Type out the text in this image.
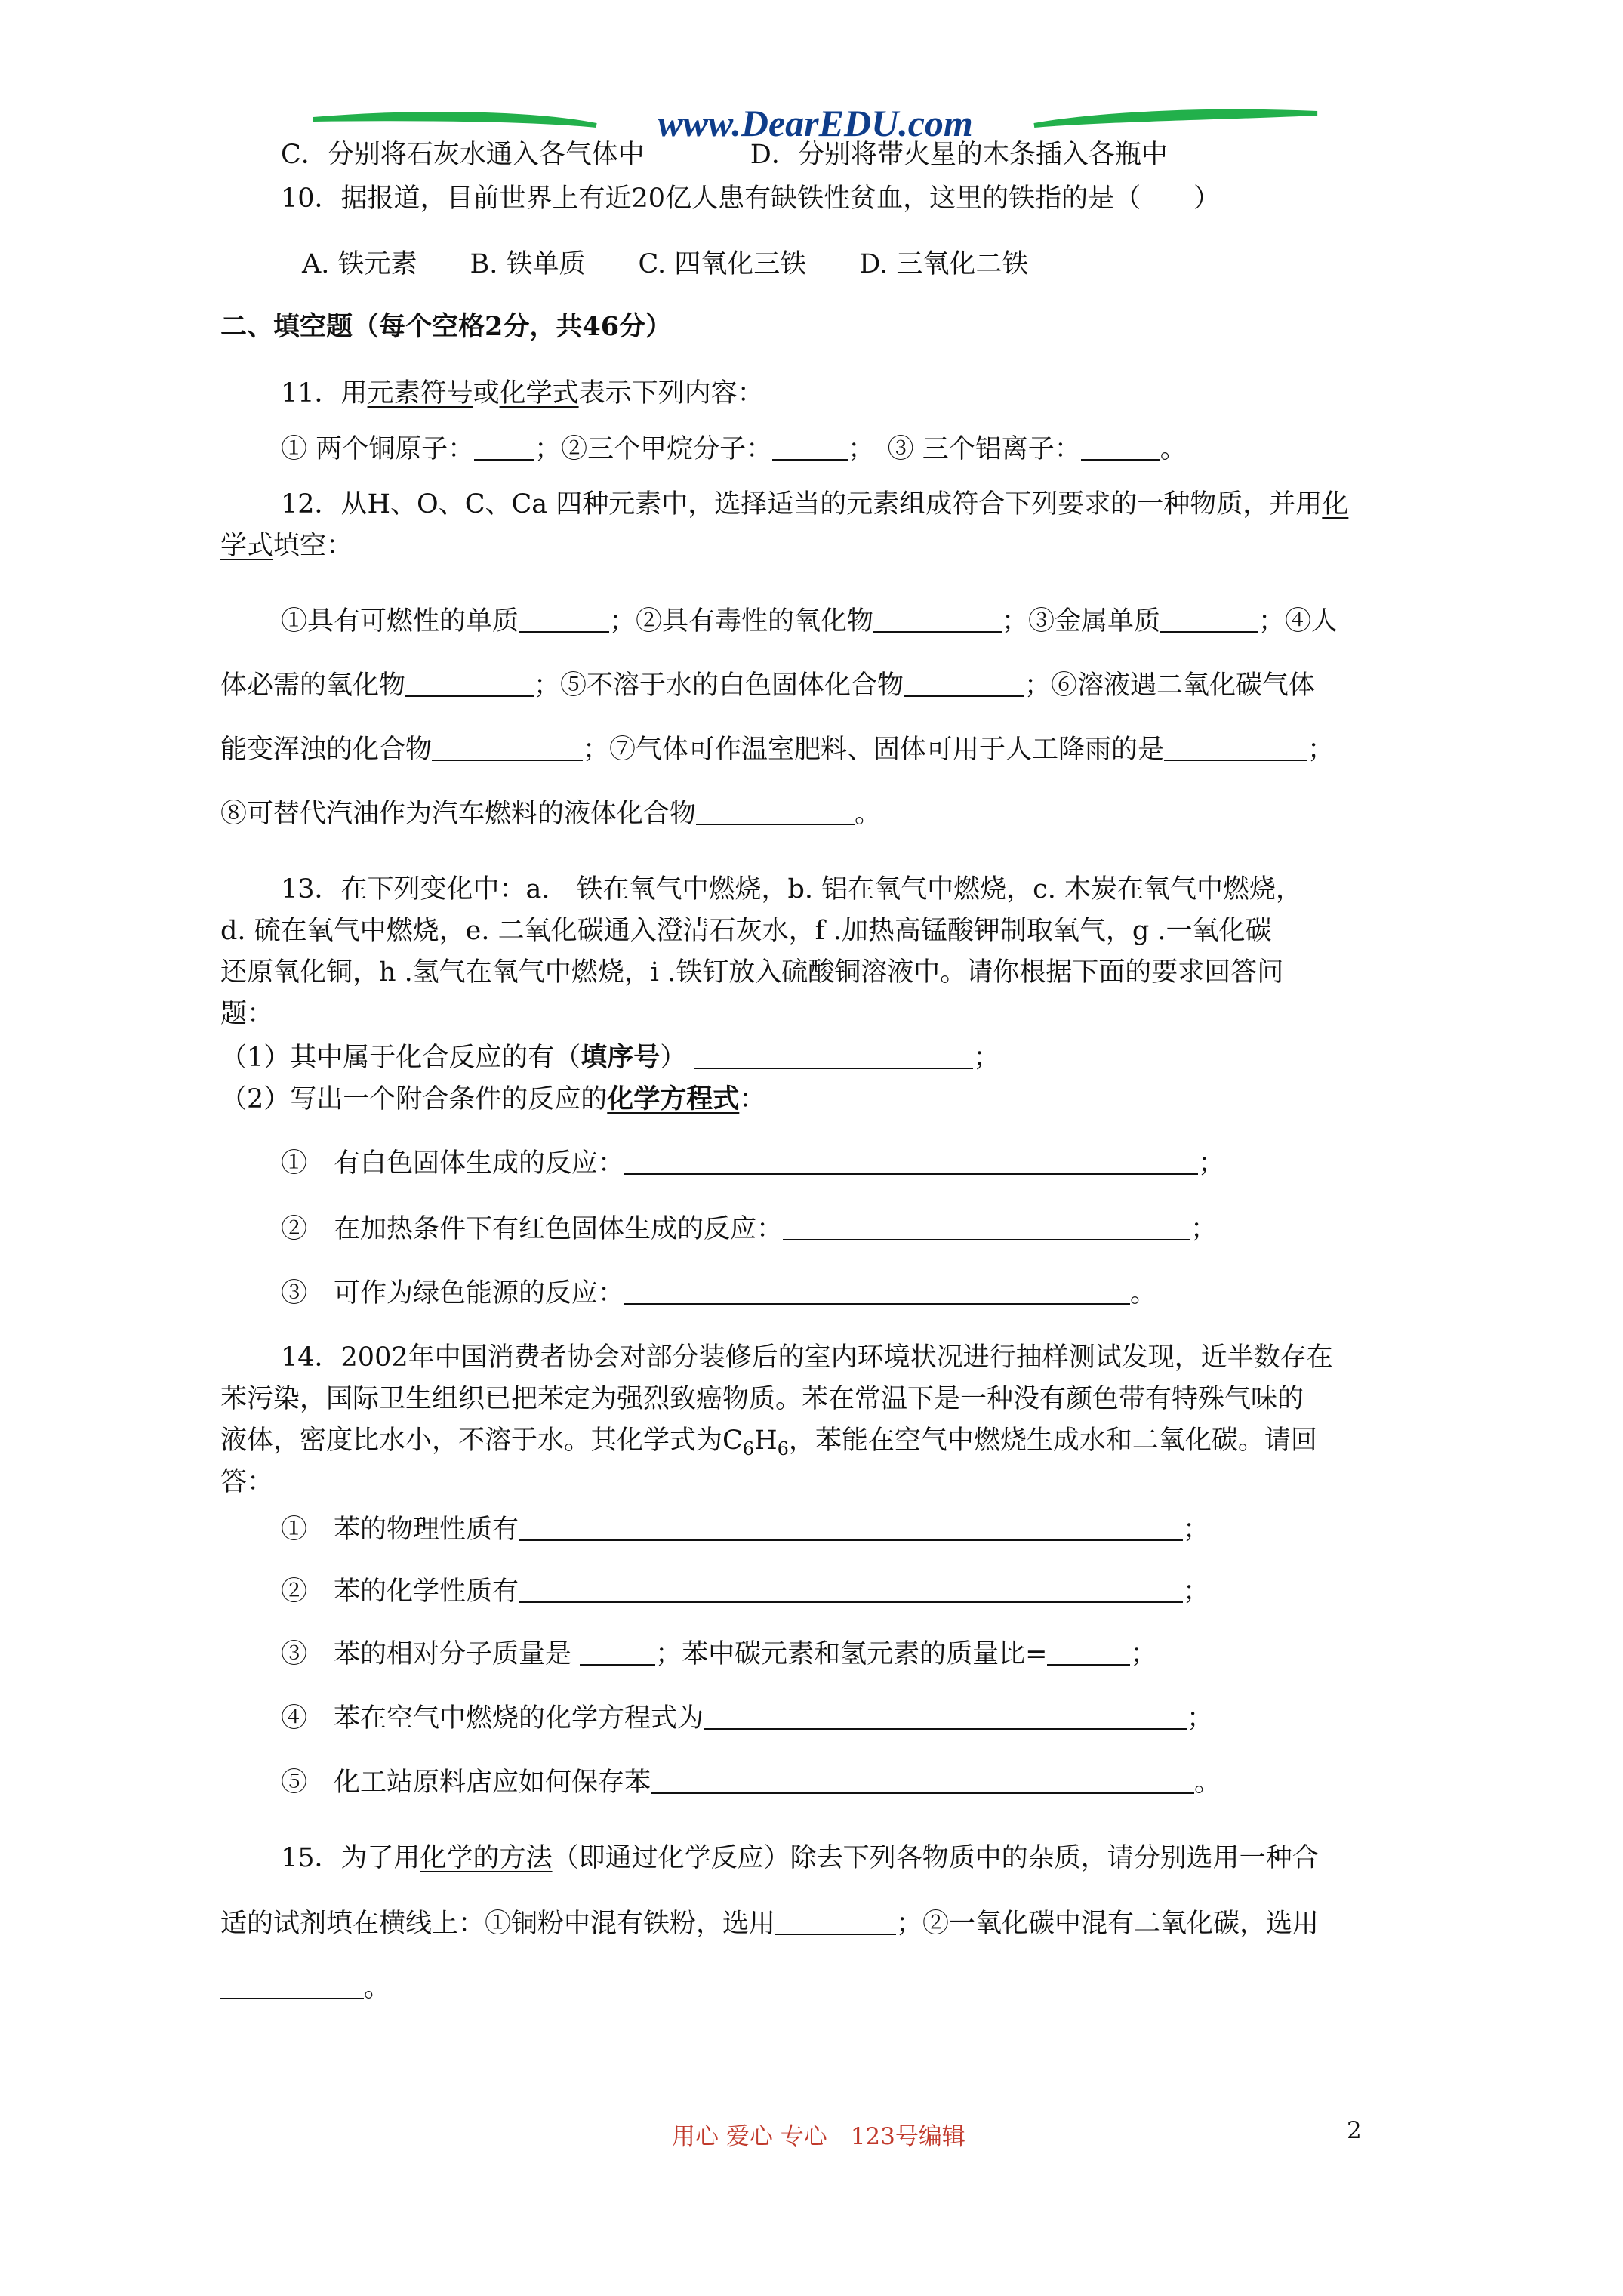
www.DearEDU.com
C．分别将石灰水通入各气体中　　　　D．分别将带火星的木条插入各瓶中
10．据报道，目前世界上有近20亿人患有缺铁性贫血，这里的铁指的是（　　）
A. 铁元素　　B. 铁单质　　C. 四氧化三铁　　D. 三氧化二铁
二、填空题（每个空格2分，共46分）
11．用元素符号或化学式表示下列内容：
① 两个铜原子： ；②三个甲烷分子：	；　③ 三个铝离子：	。
12．从H、O、C、Ca 四种元素中，选择适当的元素组成符合下列要求的一种物质，并用化
学式填空：
①具有可燃性的单质	；②具有毒性的氧化物	；③金属单质	；④人
体必需的氧化物	；⑤不溶于水的白色固体化合物	；⑥溶液遇二氧化碳气体
能变浑浊的化合物	；⑦气体可作温室肥料、固体可用于人工降雨的是	；
⑧可替代汽油作为汽车燃料的液体化合物	。
13．在下列变化中：a.　铁在氧气中燃烧，b. 铝在氧气中燃烧，c. 木炭在氧气中燃烧，
d. 硫在氧气中燃烧，e. 二氧化碳通入澄清石灰水，f .加热高锰酸钾制取氧气，g .一氧化碳
还原氧化铜，h .氢气在氧气中燃烧，i .铁钉放入硫酸铜溶液中。请你根据下面的要求回答问
题：
（1）其中属于化合反应的有（填序号）	；
（2）写出一个附合条件的反应的化学方程式：
①　有白色固体生成的反应：	；
②　在加热条件下有红色固体生成的反应：	；
③　可作为绿色能源的反应：	。
14．2002年中国消费者协会对部分装修后的室内环境状况进行抽样测试发现，近半数存在
苯污染，国际卫生组织已把苯定为强烈致癌物质。苯在常温下是一种没有颜色带有特殊气味的
液体，密度比水小，不溶于水。其化学式为$C_6H_6$，苯能在空气中燃烧生成水和二氧化碳。请回
答：
①　苯的物理性质有	；
②　苯的化学性质有	；
③　苯的相对分子质量是	；苯中碳元素和氢元素的质量比=	；
④　苯在空气中燃烧的化学方程式为	；
⑤　化工站原料店应如何保存苯	。
15．为了用化学的方法（即通过化学反应）除去下列各物质中的杂质，请分别选用一种合
适的试剂填在横线上：①铜粉中混有铁粉，选用	；②一氧化碳中混有二氧化碳，选用
。
用心 爱心 专心　123号编辑	2
